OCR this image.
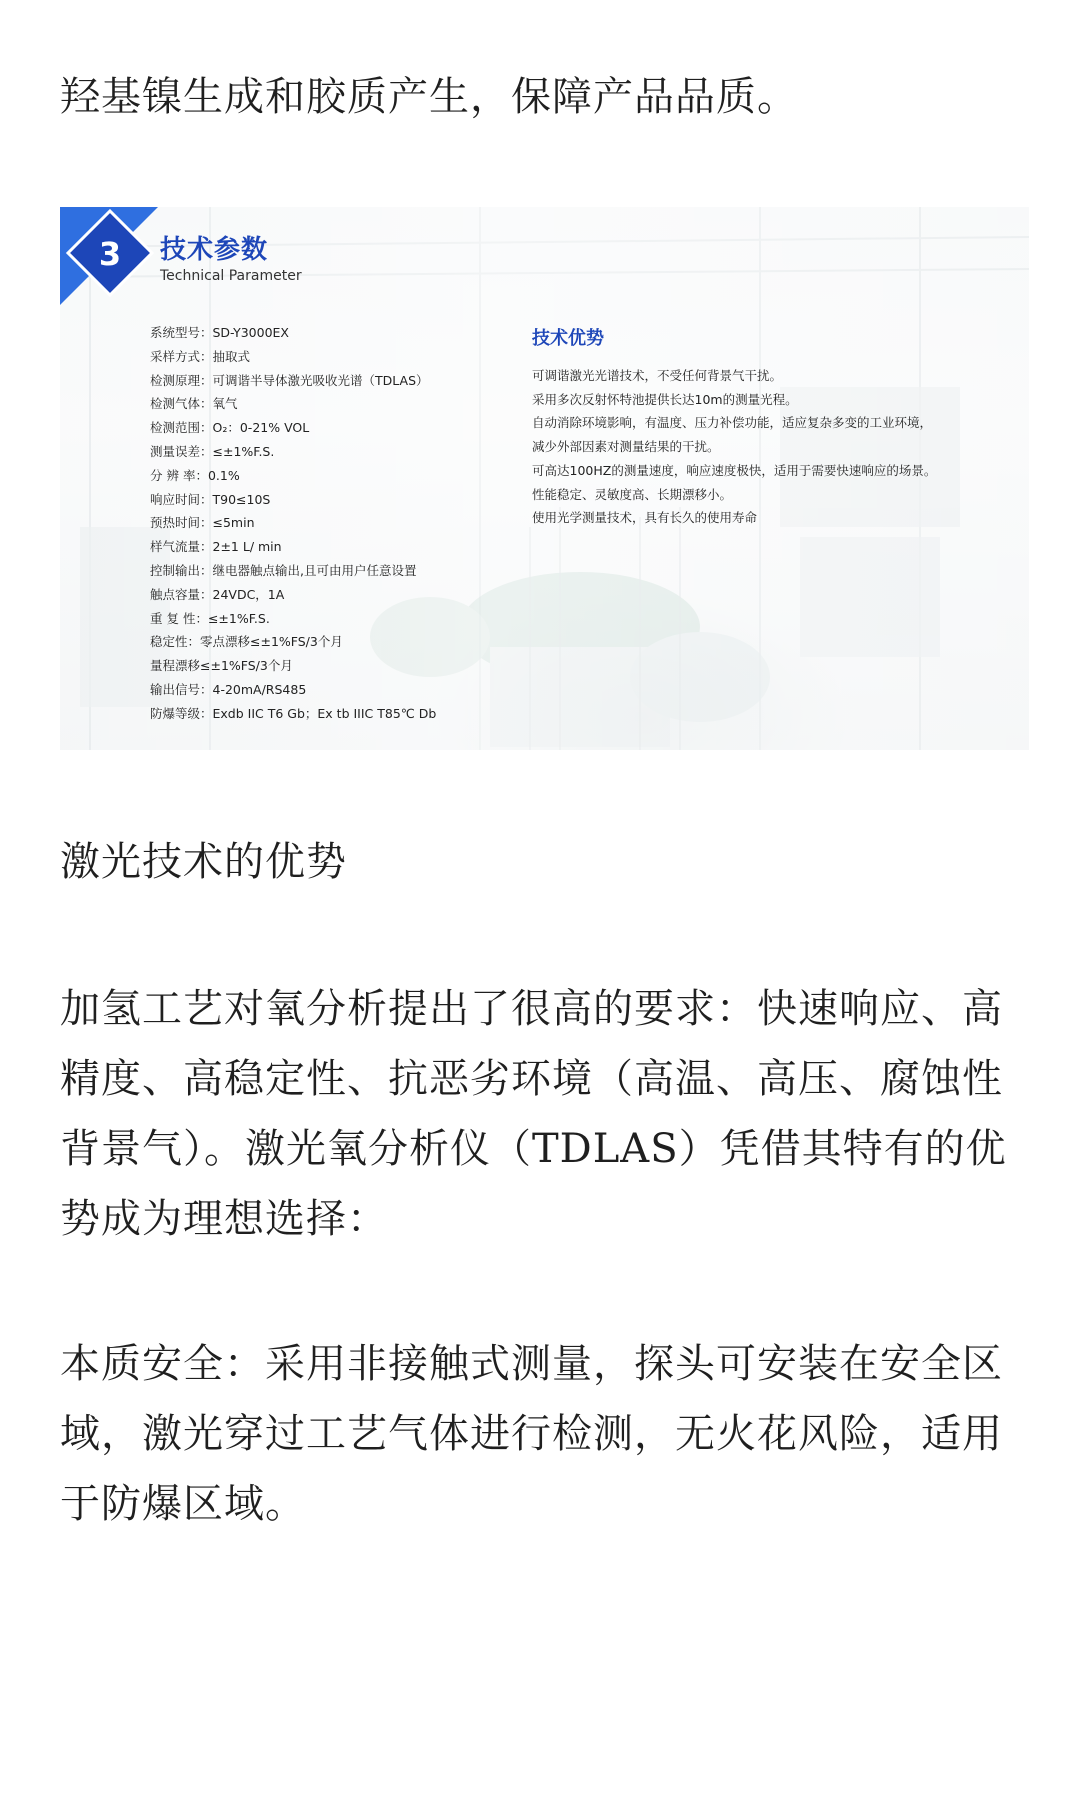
羟基镍生成和胶质产生，保障产品品质。

3 技术参数
Technical Parameter
系统型号：SD-Y3000EX
采样方式：抽取式
检测原理：可调谐半导体激光吸收光谱（TDLAS）
检测气体：氧气
检测范围：O₂：0-21% VOL
测量误差：≤±1%F.S.
分 辨 率：0.1%
响应时间：T90≤10S
预热时间：≤5min
样气流量：2±1 L/ min
控制输出：继电器触点输出,且可由用户任意设置
触点容量：24VDC，1A
重 复 性：≤±1%F.S.
稳定性：零点漂移≤±1%FS/3个月
量程漂移≤±1%FS/3个月
输出信号：4-20mA/RS485
防爆等级：Exdb IIC T6 Gb；Ex tb IIIC T85℃ Db
技术优势
可调谐激光光谱技术，不受任何背景气干扰。
采用多次反射怀特池提供长达10m的测量光程。
自动消除环境影响，有温度、压力补偿功能，适应复杂多变的工业环境，
减少外部因素对测量结果的干扰。
可高达100HZ的测量速度，响应速度极快，适用于需要快速响应的场景。
性能稳定、灵敏度高、长期漂移小。
使用光学测量技术，具有长久的使用寿命

激光技术的优势

加氢工艺对氧分析提出了很高的要求：快速响应、高精度、高稳定性、抗恶劣环境（高温、高压、腐蚀性背景气）。激光氧分析仪（TDLAS）凭借其特有的优势成为理想选择：

本质安全：采用非接触式测量，探头可安装在安全区域，激光穿过工艺气体进行检测，无火花风险，适用于防爆区域。
